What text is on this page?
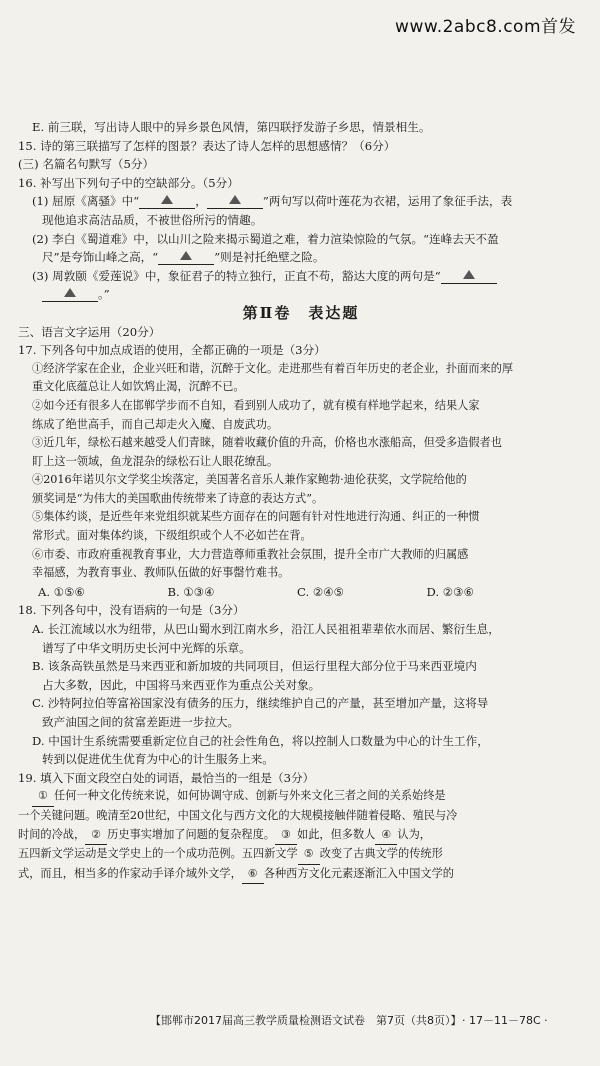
www.2abc8.com首发

E. 前三联，写出诗人眼中的异乡景色风情，第四联抒发游子乡思，情景相生。

15. 诗的第三联描写了怎样的图景？表达了诗人怎样的思想感情？（6分）

(三) 名篇名句默写（5分）

16. 补写出下列句子中的空缺部分。（5分）

(1) 屈原《离骚》中“	，	”两句写以荷叶莲花为衣裙，运用了象征手法，表

现他追求高洁品质，不被世俗所污的情趣。

(2) 李白《蜀道难》中，以山川之险来揭示蜀道之难，着力渲染惊险的气氛。“连峰去天不盈

尺”是夸饰山峰之高，“	”则是衬托绝壁之险。

(3) 周敦颐《爱莲说》中，象征君子的特立独行，正直不苟，豁达大度的两句是“

。”

第Ⅱ卷　表达题

三、语言文字运用（20分）

17. 下列各句中加点成语的使用，全都正确的一项是（3分）

①经济学家在企业，企业兴旺和谐，沉醉于文化。走进那些有着百年历史的老企业，扑面而来的厚

重文化底蕴总让人如饮鸩止渴，沉醉不已。

②如今还有很多人在邯郸学步而不自知，看到别人成功了，就有模有样地学起来，结果人家

练成了绝世高手，而自己却走火入魔、自废武功。

③近几年，绿松石越来越受人们青睐，随着收藏价值的升高，价格也水涨船高，但受多造假者也

盯上这一领域，鱼龙混杂的绿松石让人眼花缭乱。

④2016年诺贝尔文学奖尘埃落定，美国著名音乐人兼作家鲍勃·迪伦获奖，文学院给他的

颁奖词是“为伟大的美国歌曲传统带来了诗意的表达方式”。

⑤集体约谈，是近些年来党组织就某些方面存在的问题有针对性地进行沟通、纠正的一种惯

常形式。面对集体约谈，下级组织或个人不必如芒在背。

⑥市委、市政府重视教育事业，大力营造尊师重教社会氛围，提升全市广大教师的归属感

幸福感，为教育事业、教师队伍做的好事罄竹难书。

A. ①⑤⑥	B. ①③④	C. ②④⑤	D. ②③⑥

18. 下列各句中，没有语病的一句是（3分）

A. 长江流域以水为纽带，从巴山蜀水到江南水乡，沿江人民祖祖辈辈依水而居、繁衍生息，

谱写了中华文明历史长河中光辉的乐章。

B. 该条高铁虽然是马来西亚和新加坡的共同项目，但运行里程大部分位于马来西亚境内

占大多数，因此，中国将马来西亚作为重点公关对象。

C. 沙特阿拉伯等富裕国家没有债务的压力，继续维护自己的产量，甚至增加产量，这将导

致产油国之间的贫富差距进一步拉大。

D. 中国计生系统需要重新定位自己的社会性角色，将以控制人口数量为中心的计生工作，

转到以促进优生优育为中心的计生服务上来。

19. 填入下面文段空白处的词语，最恰当的一组是（3分）

① 任何一种文化传统来说，如何协调守成、创新与外来文化三者之间的关系始终是

一个关键问题。晚清至20世纪，中国文化与西方文化的大规模接触伴随着侵略、殖民与冷

时间的冷战， ② 历史事实增加了问题的复杂程度。 ③ 如此，但多数人 ④ 认为，

五四新文学运动是文学史上的一个成功范例。五四新文学 ⑤ 改变了古典文学的传统形

式，而且，相当多的作家动手译介域外文学， ⑥ 各种西方文化元素逐渐汇入中国文学的

【邯郸市2017届高三教学质量检测语文试卷　第7页（共8页）】 · 17－11－78C ·
